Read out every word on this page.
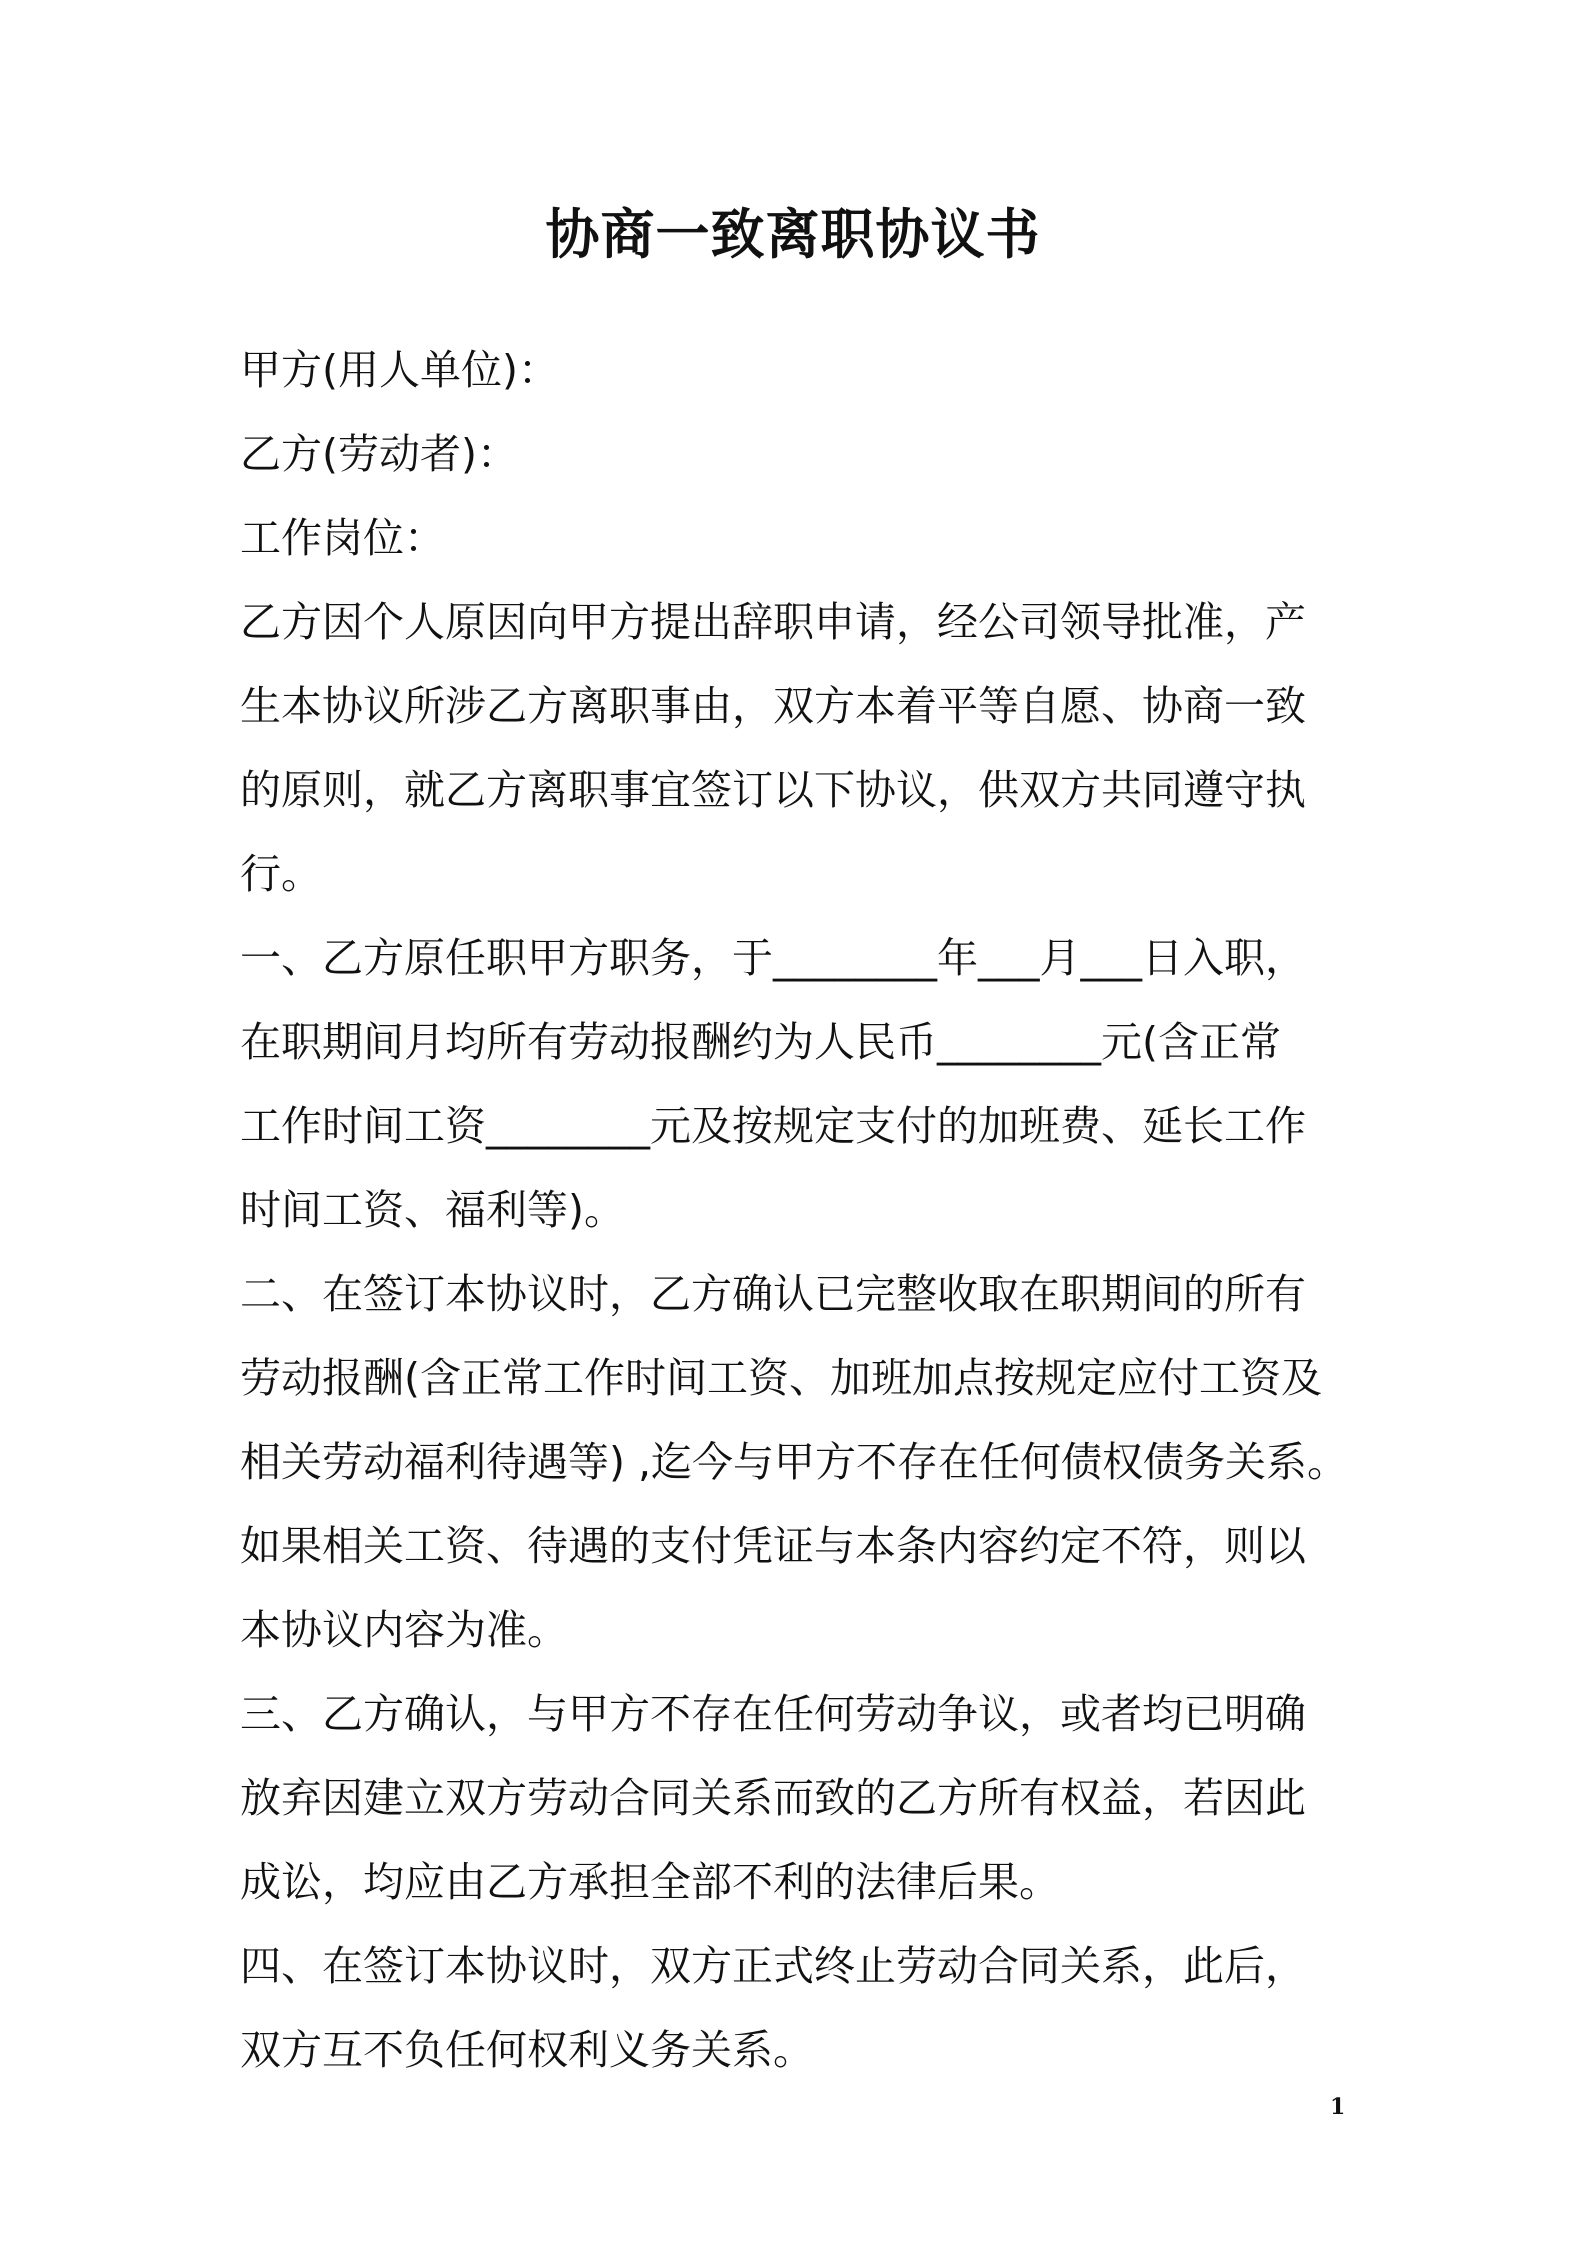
协商一致离职协议书
甲方(用人单位)：
乙方(劳动者)：
工作岗位：
乙方因个人原因向甲方提出辞职申请，经公司领导批准，产
生本协议所涉乙方离职事由，双方本着平等自愿、协商一致
的原则，就乙方离职事宜签订以下协议，供双方共同遵守执
行。
一、乙方原任职甲方职务，于________年___月___日入职，
在职期间月均所有劳动报酬约为人民币________元(含正常
工作时间工资________元及按规定支付的加班费、延长工作
时间工资、福利等)。
二、在签订本协议时，乙方确认已完整收取在职期间的所有
劳动报酬(含正常工作时间工资、加班加点按规定应付工资及
相关劳动福利待遇等) ,迄今与甲方不存在任何债权债务关系。
如果相关工资、待遇的支付凭证与本条内容约定不符，则以
本协议内容为准。
三、乙方确认，与甲方不存在任何劳动争议，或者均已明确
放弃因建立双方劳动合同关系而致的乙方所有权益，若因此
成讼，均应由乙方承担全部不利的法律后果。
四、在签订本协议时，双方正式终止劳动合同关系，此后，
双方互不负任何权利义务关系。
1
